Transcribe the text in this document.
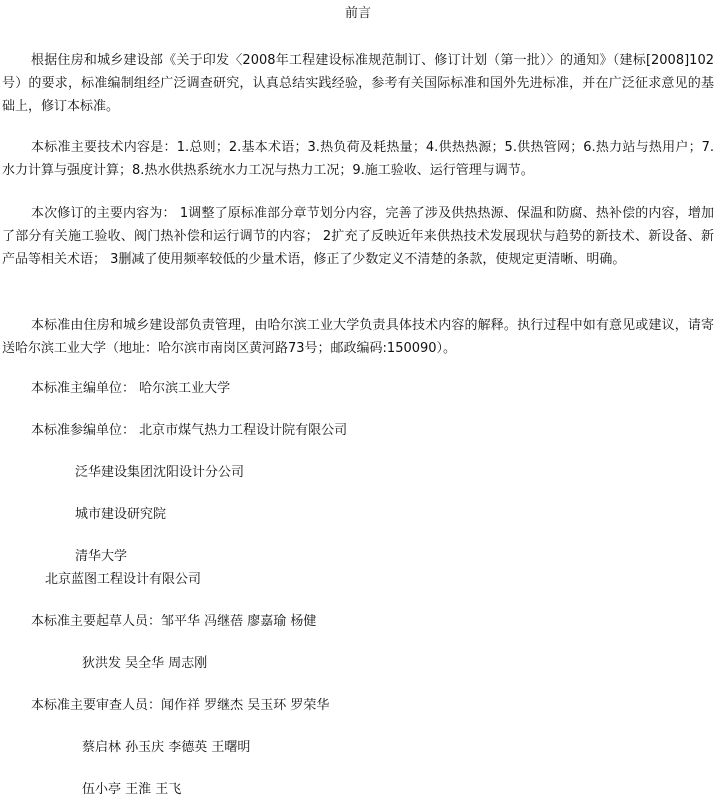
前言

根据住房和城乡建设部《关于印发〈2008年工程建设标准规范制订、修订计划（第一批）〉的通知》（建标[2008]102号）的要求，标准编制组经广泛调查研究，认真总结实践经验，参考有关国际标准和国外先进标准，并在广泛征求意见的基础上，修订本标准。

本标准主要技术内容是：1.总则；2.基本术语；3.热负荷及耗热量；4.供热热源；5.供热管网；6.热力站与热用户；7.水力计算与强度计算；8.热水供热系统水力工况与热力工况；9.施工验收、运行管理与调节。

本次修订的主要内容为： 1调整了原标准部分章节划分内容，完善了涉及供热热源、保温和防腐、热补偿的内容，增加了部分有关施工验收、阀门热补偿和运行调节的内容； 2扩充了反映近年来供热技术发展现状与趋势的新技术、新设备、新产品等相关术语； 3删减了使用频率较低的少量术语，修正了少数定义不清楚的条款，使规定更清晰、明确。

本标准由住房和城乡建设部负责管理，由哈尔滨工业大学负责具体技术内容的解释。执行过程中如有意见或建议，请寄送哈尔滨工业大学（地址：哈尔滨市南岗区黄河路73号；邮政编码:150090）。

本标准主编单位： 哈尔滨工业大学

本标准参编单位： 北京市煤气热力工程设计院有限公司

泛华建设集团沈阳设计分公司

城市建设研究院

清华大学

北京蓝图工程设计有限公司

本标准主要起草人员：邹平华 冯继蓓 廖嘉瑜 杨健

狄洪发 吴全华 周志刚

本标准主要审查人员：闻作祥 罗继杰 吴玉环 罗荣华

蔡启林 孙玉庆 李德英 王曙明

伍小亭 王淮 王飞
